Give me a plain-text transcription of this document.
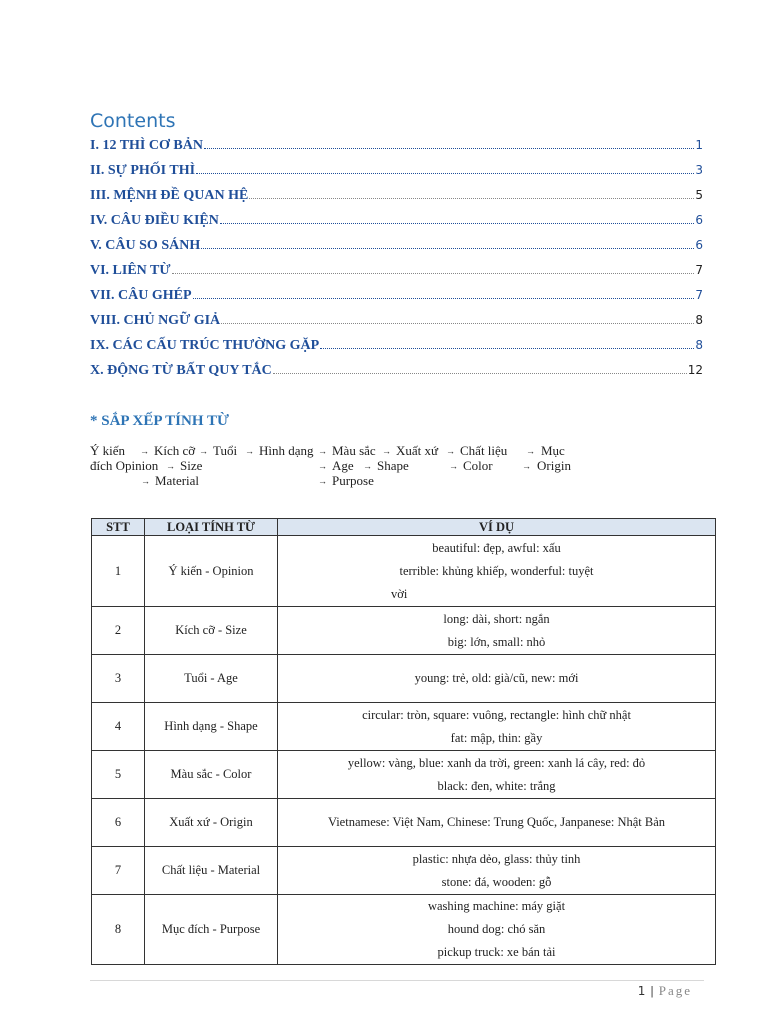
Contents
I. 12 THÌ CƠ BẢN	1
II. SỰ PHỐI THÌ	3
III. MỆNH ĐỀ QUAN HỆ	5
IV. CÂU ĐIỀU KIỆN	6
V. CÂU SO SÁNH	6
VI. LIÊN TỪ	7
VII. CÂU GHÉP	7
VIII. CHỦ NGỮ GIẢ	8
IX. CÁC CẤU TRÚC THƯỜNG GẶP	8
X. ĐỘNG TỪ BẤT QUY TẮC	12
* SẮP XẾP TÍNH TỪ
Ý kiến → Kích cỡ → Tuổi → Hình dạng → Màu sắc → Xuất xứ → Chất liệu → Mục
đích Opinion → Size	→ Age → Shape	→ Color	→ Origin
→ Material	→ Purpose
STT	LOẠI TÍNH TỪ	VÍ DỤ
1	Ý kiến - Opinion	beautiful: đẹp, awful: xấu
terrible: khủng khiếp, wonderful: tuyệt
vời

2	Kích cỡ - Size	long: dài, short: ngắn
big: lớn, small: nhỏ

3	Tuổi - Age	young: trẻ, old: già/cũ, new: mới

4	Hình dạng - Shape	circular: tròn, square: vuông, rectangle: hình chữ nhật
fat: mập, thin: gầy

5	Màu sắc - Color	yellow: vàng, blue: xanh da trời, green: xanh lá cây, red: đỏ
black: đen, white: trắng

6	Xuất xứ - Origin	Vietnamese: Việt Nam, Chinese: Trung Quốc, Janpanese: Nhật Bản

7	Chất liệu - Material	plastic: nhựa dẻo, glass: thủy tinh
stone: đá, wooden: gỗ

8	Mục đích - Purpose	washing machine: máy giặt
hound dog: chó săn
pickup truck: xe bán tải
1 | Page
